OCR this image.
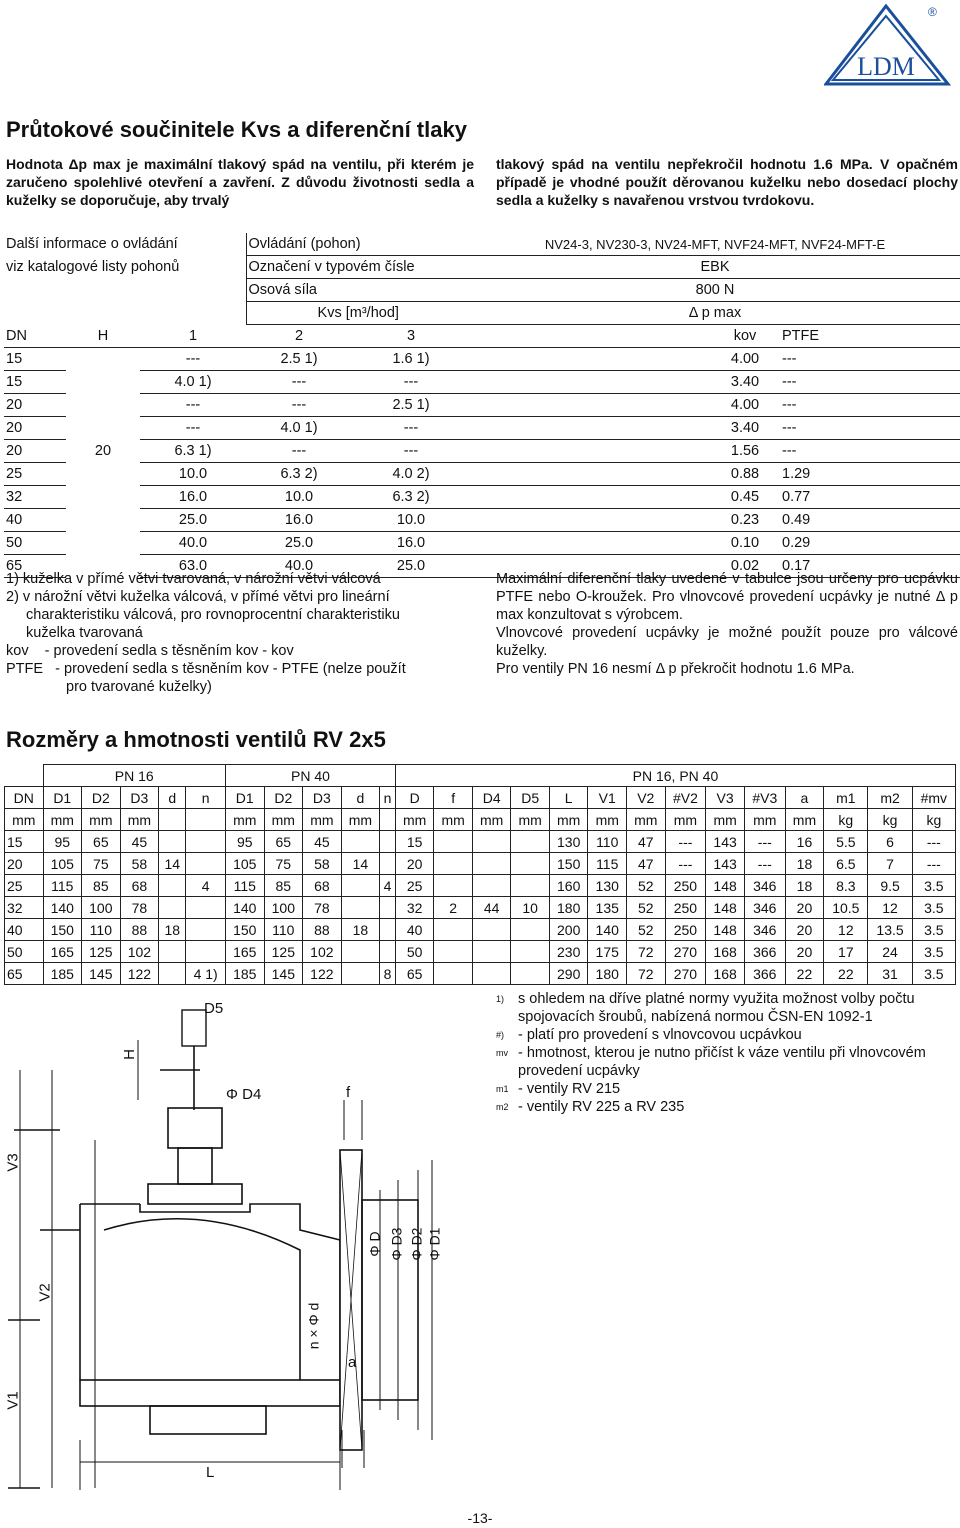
LDM
®
Průtokové součinitele Kvs a diferenční tlaky
Hodnota Δp max je maximální tlakový spád na ventilu, při kterém je zaručeno spolehlivé otevření a zavření. Z důvodu životnosti sedla a kuželky se doporučuje, aby trvalý
tlakový spád na ventilu nepřekročil hodnotu 1.6 MPa. V opačném případě je vhodné použít děrovanou kuželku nebo dosedací plochy sedla a kuželky s navařenou vrstvou tvrdokovu.
Další informace o ovládání			Ovládání (pohon)		NV24-3, NV230-3, NV24-MFT, NVF24-MFT, NVF24-MFT-E		
viz katalogové listy pohonů			Označení v typovém čísle		EBK		
			Osová síla		800 N		
			Kvs [m³/hod]		Δ p max		
DN	H	1	2	3		kov	PTFE
15		---	2.5 1)	1.6 1)		4.00	---
15		4.0 1)	---	---		3.40	---
20		---	---	2.5 1)		4.00	---
20		---	4.0 1)	---		3.40	---
20	20	6.3 1)	---	---		1.56	---
25		10.0	6.3 2)	4.0 2)		0.88	1.29
32		16.0	10.0	6.3 2)		0.45	0.77
40		25.0	16.0	10.0		0.23	0.49
50		40.0	25.0	16.0		0.10	0.29
65		63.0	40.0	25.0		0.02	0.17
1) kuželka v přímé větvi tvarovaná, v nárožní větvi válcová
2) v nárožní větvi kuželka válcová, v přímé větvi pro lineární
charakteristiku válcová, pro rovnoprocentní charakteristiku
kuželka tvarovaná
kov    - provedení sedla s těsněním kov - kov
PTFE   - provedení sedla s těsněním kov - PTFE (nelze použít
pro tvarované kuželky)

Maximální diferenční tlaky uvedené v tabulce jsou určeny pro ucpávku PTFE nebo O-kroužek. Pro vlnovcové provedení ucpávky je nutné Δ p max konzultovat s výrobcem.

Vlnovcové provedení ucpávky je možné použít pouze pro válcové kuželky.

Pro ventily PN 16 nesmí Δ p překročit hodnotu 1.6 MPa.

Rozměry a hmotnosti ventilů RV 2x5
	PN 16					PN 40					PN 16, PN 40													
DN	D1	D2	D3	d	n	D1	D2	D3	d	n	D	f	D4	D5	L	V1	V2	#V2	V3	#V3	a	m1	m2	#mv
mm	mm	mm	mm			mm	mm	mm	mm		mm	mm	mm	mm	mm	mm	mm	mm	mm	mm	mm	kg	kg	kg
15	95	65	45			95	65	45			15				130	110	47	---	143	---	16	5.5	6	---
20	105	75	58	14		105	75	58	14		20				150	115	47	---	143	---	18	6.5	7	---
25	115	85	68		4	115	85	68		4	25				160	130	52	250	148	346	18	8.3	9.5	3.5
32	140	100	78			140	100	78			32	2	44	10	180	135	52	250	148	346	20	10.5	12	3.5
40	150	110	88	18		150	110	88	18		40				200	140	52	250	148	346	20	12	13.5	3.5
50	165	125	102			165	125	102			50				230	175	72	270	168	366	20	17	24	3.5
65	185	145	122		4 1)	185	145	122		8	65				290	180	72	270	168	366	22	22	31	3.5
1) s ohledem na dříve platné normy využita možnost volby počtu spojovacích šroubů, nabízená normou ČSN-EN 1092-1
#) - platí pro provedení s vlnovcovou ucpávkou
mv - hmotnost, kterou je nutno přičíst k váze ventilu při vlnovcovém provedení ucpávky
m1 - ventily RV 215
m2 - ventily RV 225 a RV 235
D5
H
Φ D4	f
V3
V2
V1
Φ D Φ D3 Φ D2 Φ D1
n × Φ d
a
L
-13-
